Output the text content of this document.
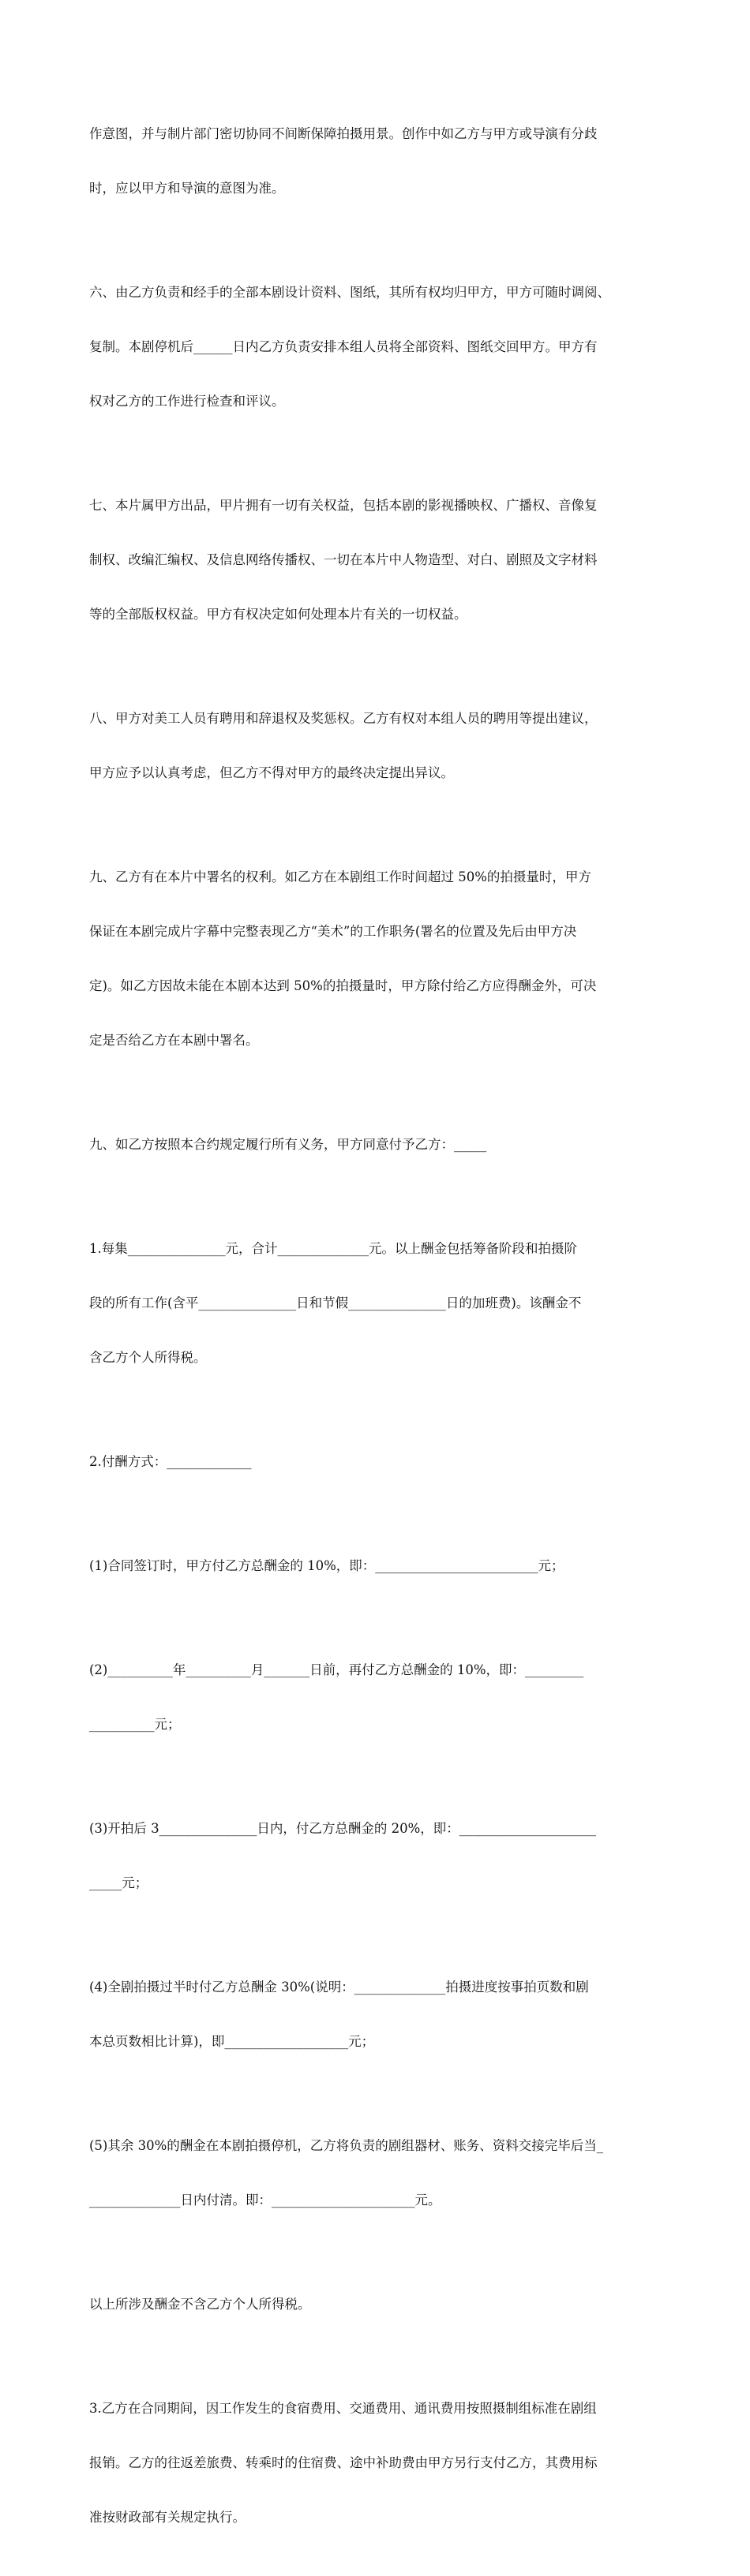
作意图，并与制片部门密切协同不间断保障拍摄用景。创作中如乙方与甲方或导演有分歧

时，应以甲方和导演的意图为准。

六、由乙方负责和经手的全部本剧设计资料、图纸，其所有权均归甲方，甲方可随时调阅、

复制。本剧停机后______日内乙方负责安排本组人员将全部资料、图纸交回甲方。甲方有

权对乙方的工作进行检查和评议。

七、本片属甲方出品，甲片拥有一切有关权益，包括本剧的影视播映权、广播权、音像复

制权、改编汇编权、及信息网络传播权、一切在本片中人物造型、对白、剧照及文字材料

等的全部版权权益。甲方有权决定如何处理本片有关的一切权益。

八、甲方对美工人员有聘用和辞退权及奖惩权。乙方有权对本组人员的聘用等提出建议，

甲方应予以认真考虑，但乙方不得对甲方的最终决定提出异议。

九、乙方有在本片中署名的权利。如乙方在本剧组工作时间超过 50%的拍摄量时，甲方

保证在本剧完成片字幕中完整表现乙方“美术”的工作职务(署名的位置及先后由甲方决

定)。如乙方因故未能在本剧本达到 50%的拍摄量时，甲方除付给乙方应得酬金外，可决

定是否给乙方在本剧中署名。

九、如乙方按照本合约规定履行所有义务，甲方同意付予乙方：_____

1.每集_______________元，合计______________元。以上酬金包括筹备阶段和拍摄阶

段的所有工作(含平_______________日和节假_______________日的加班费)。该酬金不

含乙方个人所得税。

2.付酬方式：_____________

(1)合同签订时，甲方付乙方总酬金的 10%，即：_________________________元；

(2)__________年__________月_______日前，再付乙方总酬金的 10%，即：_________

__________元；

(3)开拍后 3_______________日内，付乙方总酬金的 20%，即：_____________________

_____元；

(4)全剧拍摄过半时付乙方总酬金 30%(说明：______________拍摄进度按事拍页数和剧

本总页数相比计算)，即___________________元；

(5)其余 30%的酬金在本剧拍摄停机，乙方将负责的剧组器材、账务、资料交接完毕后当_

______________日内付清。即：______________________元。

以上所涉及酬金不含乙方个人所得税。

3.乙方在合同期间，因工作发生的食宿费用、交通费用、通讯费用按照摄制组标准在剧组

报销。乙方的往返差旅费、转乘时的住宿费、途中补助费由甲方另行支付乙方，其费用标

准按财政部有关规定执行。
